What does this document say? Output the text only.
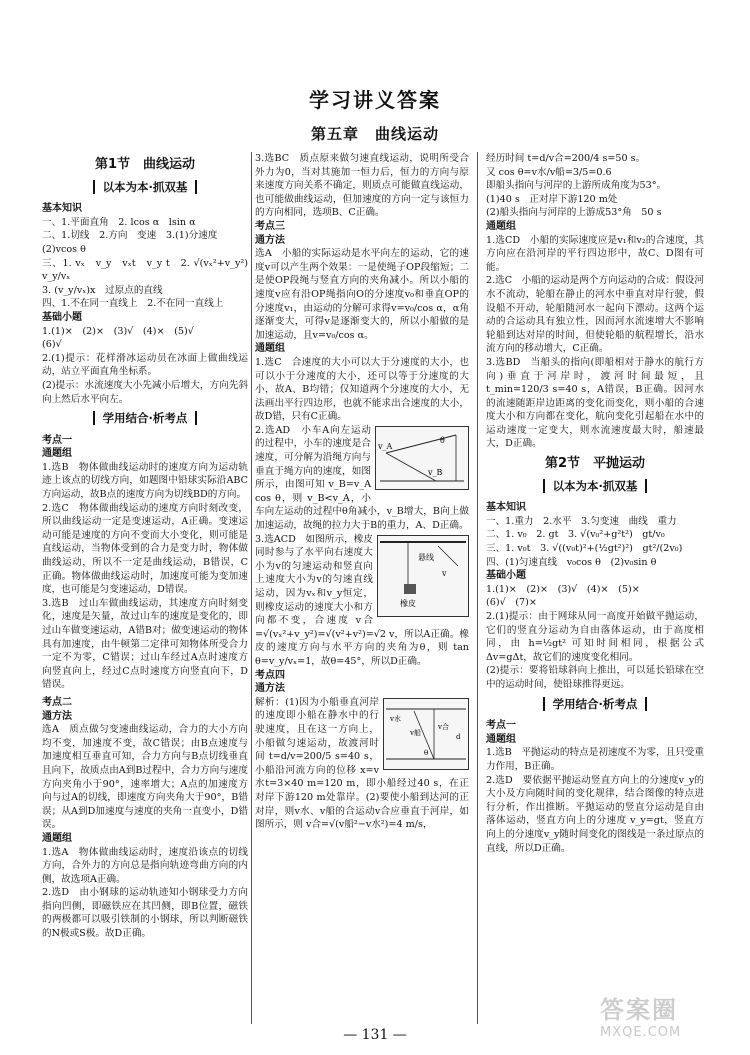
学习讲义答案
第五章　曲线运动
第1节　曲线运动
以本为本·抓双基
基本知识

一、1.平面直角　2. lcos α　lsin α

二、1.切线　2.方向　变速　3.(1)分速度

(2)vcos θ

三、1. vₓ　v_y　vₓt　v_y t　2. √(vₓ²+v_y²)　v_y/vₓ

3. (v_y/vₓ)x　过原点的直线

四、1.不在同一直线上　2.不在同一直线上

基础小题

1.(1)×　(2)×　(3)√　(4)×　(5)√

(6)√

2.(1)提示：花样滑冰运动员在冰面上做曲线运动，站立平面直角坐标系。

(2)提示：水流速度大小先减小后增大，方向先斜向上然后水平向左。

学用结合·析考点
考点一
通题组

1.选B　物体做曲线运动时的速度方向为运动轨迹上该点的切线方向，如题图中铅球实际沿ABC方向运动，故B点的速度方向为切线BD的方向。

2.选C　物体做曲线运动的速度方向时刻改变，所以曲线运动一定是变速运动，A正确。变速运动可能是速度的方向不变而大小变化，则可能是直线运动，当物体受到的合力是变力时，物体做曲线运动，所以不一定是曲线运动，B错误，C正确。物体做曲线运动时，加速度可能为变加速度，也可能是匀变速运动，D错误。

3.选B　过山车做曲线运动，其速度方向时刻变化，速度是矢量，故过山车的速度是变化的，即过山车做变速运动，A错B对；做变速运动的物体具有加速度，由牛顿第二定律可知物体所受合力一定不为零，C错误；过山车经过A点时速度方向竖直向上，经过C点时速度方向竖直向下，D错误。

考点二
通方法

选A　质点做匀变速曲线运动，合力的大小方向均不变，加速度不变，故C错误；由B点速度与加速度相互垂直可知，合力方向与B点切线垂直且向下，故质点由A到B过程中，合力方向与速度方向夹角小于90°，速率增大；A点的加速度方向与过A的切线，即速度方向夹角大于90°，B错误；从A到D加速度与速度的夹角一直变小，D错误。

通题组

1.选A　物体做曲线运动时，速度沿该点的切线方向，合外力的方向总是指向轨迹弯曲方向的内侧，故选项A正确。

2.选D　由小钢球的运动轨迹知小钢球受力方向指向凹侧，即磁铁应在其凹侧，即B位置，磁铁的两极都可以吸引铁制的小钢球，所以判断磁铁的N极或S极。故D正确。

3.选BC　质点原来做匀速直线运动，说明所受合外力为0，当对其施加一恒力后，恒力的方向与原来速度方向关系不确定，则质点可能做直线运动，也可能做曲线运动，但加速度的方向一定与该恒力的方向相同，选项B、C正确。

考点三
通方法

选A　小船的实际运动是水平向左的运动，它的速度v可以产生两个效果：一是使绳子OP段缩短；二是使OP段绳与竖直方向的夹角减小。所以小船的速度v应有沿OP绳指向O的分速度v₀和垂直OP的分速度v₁，由运动的分解可求得v=v₀/cos α，α角逐渐变大，可得v是逐渐变大的，所以小船做的是加速运动，且v=v₀/cos α。

通题组

1.选C　合速度的大小可以大于分速度的大小，也可以小于分速度的大小，还可以等于分速度的大小，故A、B均错；仅知道两个分速度的大小，无法画出平行四边形，也就不能求出合速度的大小，故D错，只有C正确。

v_A
v_B
θ

2.选AD　小车A向左运动的过程中，小车的速度是合速度，可分解为沿绳方向与垂直于绳方向的速度，如图所示，由图可知 v_B=v_A cos θ，则 v_B<v_A，小车向左运动的过程中θ角减小，v_B增大，B向上做加速运动，故绳的拉力大于B的重力，A、D正确。

悬线
v
橡皮

3.选ACD　如图所示，橡皮同时参与了水平向右速度大小为v的匀速运动和竖直向上速度大小为v的匀速直线运动，因为vₓ和v_y恒定，则橡皮运动的速度大小和方向都不变，合速度 v合=√(vₓ²+v_y²)=√(v²+v²)=√2 v，所以A正确。橡皮的速度方向与水平方向的夹角为θ，则 tan θ=v_y/vₓ=1，故θ=45°，所以D正确。

考点四
通方法
v水
v船
v合
θ
d

解析：(1)因为小船垂直河岸的速度即小船在静水中的行驶速度，且在这一方向上，小船做匀速运动，故渡河时间 t=d/v=200/5 s=40 s，小船沿河流方向的位移 x=v水t=3×40 m=120 m，即小船经过40 s，在正对岸下游120 m处靠岸。(2)要使小船到达河的正对岸，则v水、v船的合运动v合应垂直于河岸，如图所示，则 v合=√(v船²−v水²)=4 m/s，

经历时间 t=d/v合=200/4 s=50 s。

又 cos θ=v水/v船=3/5=0.6

即船头指向与河岸的上游所成角度为53°。

(1)40 s　正对岸下游120 m处

(2)船头指向与河岸的上游成53°角　50 s

通题组

1.选CD　小船的实际速度应是v₁和v₂的合速度，其方向应在沿河岸的平行四边形中，故C、D图有可能。

2.选C　小船的运动是两个方向运动的合成：假设河水不流动，轮船在静止的河水中垂直对岸行驶，假设船不开动，轮船随河水一起向下漂动。这两个运动的合运动具有独立性，因而河水流速增大不影响轮船到达对岸的时间，但使轮船的航程增长，沿水流方向的移动增大，C正确。

3.选BD　当船头的指向(即船相对于静水的航行方向)垂直于河岸时，渡河时间最短，且 t_min=120/3 s=40 s，A错误，B正确。因河水的流速随距岸边距离的变化而变化，则小船的合速度大小和方向都在变化，航向变化引起船在水中的运动速度一定变大，则水流速度最大时，船速最大，D正确。

第2节　平抛运动
以本为本·抓双基
基本知识

一、1.重力　2.水平　3.匀变速　曲线　重力

二、1. v₀　2. gt　3. √(v₀²+g²t²)　gt/v₀

三、1. v₀t　3. √((v₀t)²+(½gt²)²)　gt²/(2v₀)

四、(1)匀速直线　v₀cos θ　(2)v₀sin θ

基础小题

1.(1)×　(2)×　(3)√　(4)×　(5)×

(6)√　(7)×

2.(1)提示：由于网球从同一高度开始做平抛运动，它们的竖直分运动为自由落体运动，由于高度相同，由 h=½gt² 可知时间相同，根据公式 Δv=gΔt，故它们的速度变化相同。

(2)提示：要将铅球斜向上推出，可以延长铅球在空中的运动时间，使铅球推得更远。

学用结合·析考点
考点一
通题组

1.选B　平抛运动的特点是初速度不为零，且只受重力作用，B正确。

2.选D　要依据平抛运动竖直方向上的分速度v_y的大小及方向随时间的变化规律，结合图像的特点进行分析，作出推断。平抛运动的竖直分运动是自由落体运动，竖直方向上的分速度 v_y=gt，竖直方向上的分速度v_y随时间变化的图线是一条过原点的直线，所以D正确。

— 131 —
答案圈
MXQE.COM
